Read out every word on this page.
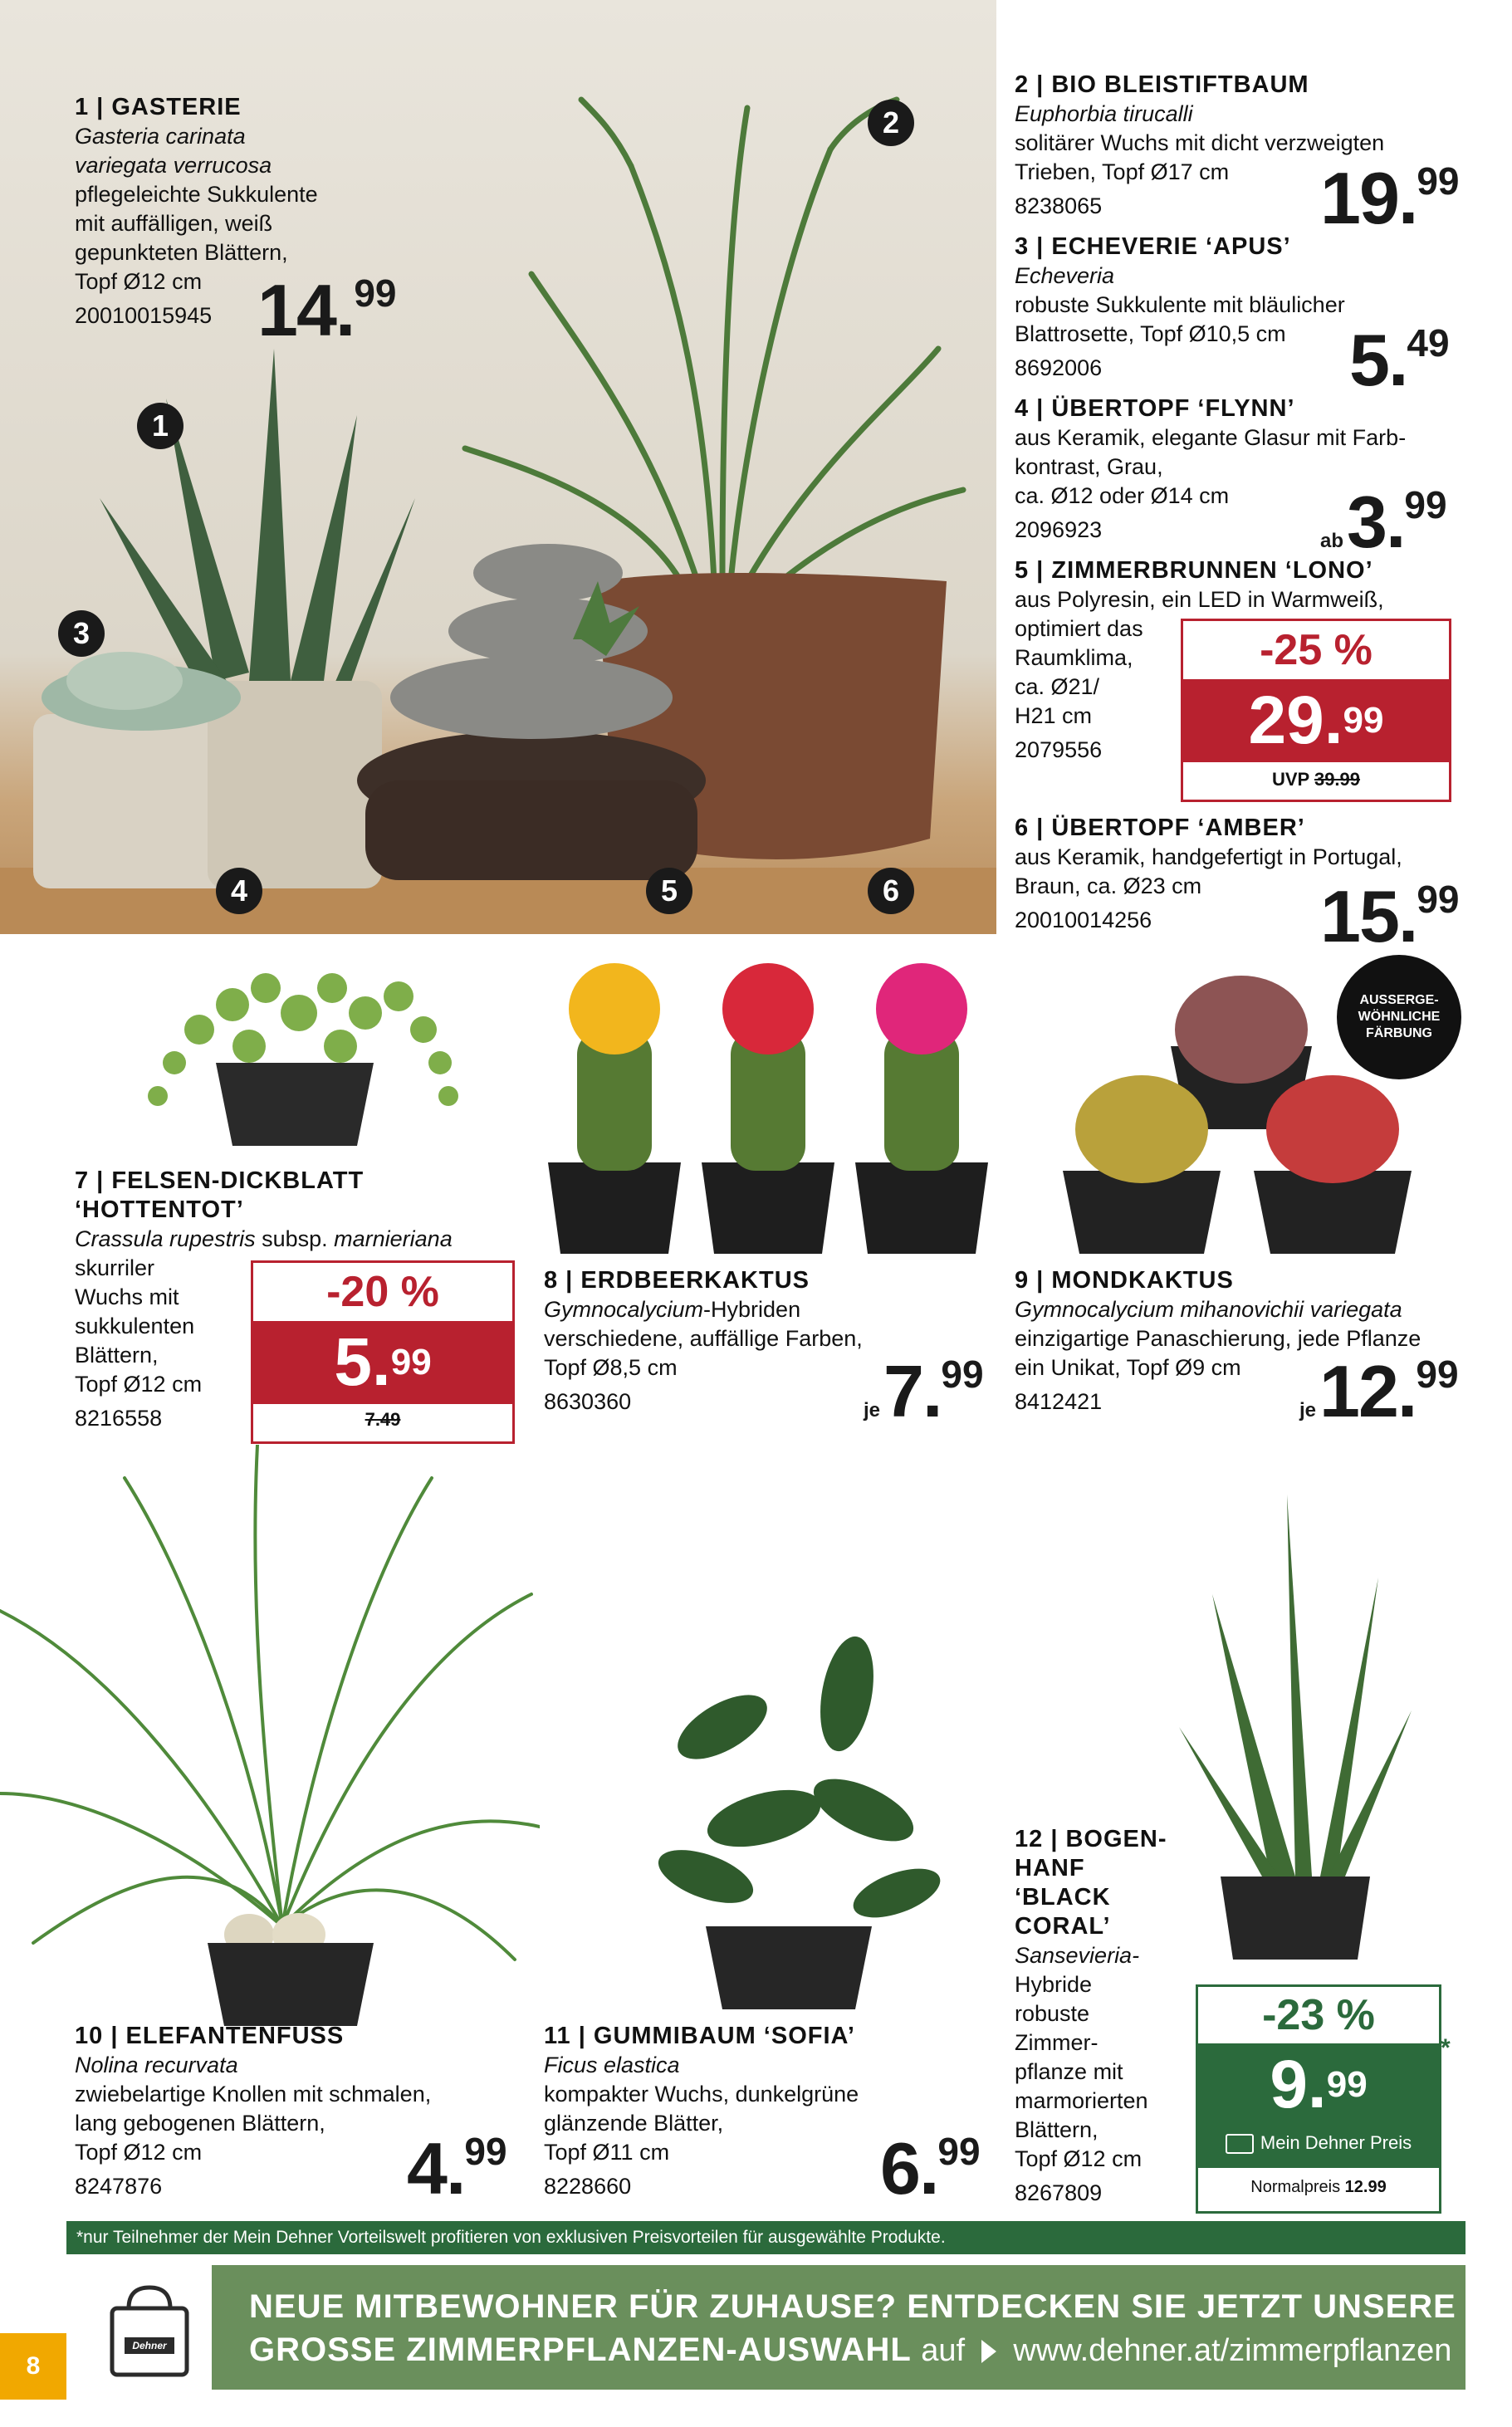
1
2
3
4	5	6
1 | GASTERIE
Gasteria carinata
variegata verrucosa
pflegeleichte Sukkulente
mit auffälligen, weiß
gepunkteten Blättern,
Topf Ø12 cm
20010015945 14.99
2 | BIO BLEISTIFTBAUM
Euphorbia tirucalli
solitärer Wuchs mit dicht verzweigten
Trieben, Topf Ø17 cm
8238065	19.99
3 | ECHEVERIE ‘APUS’
Echeveria
robuste Sukkulente mit bläulicher
Blattrosette, Topf Ø10,5 cm
8692006	5.49
4 | ÜBERTOPF ‘FLYNN’
aus Keramik, elegante Glasur mit Farb-
kontrast, Grau,
ca. Ø12 oder Ø14 cm
2096923	ab3.99
5 | ZIMMERBRUNNEN ‘LONO’
aus Polyresin, ein LED in Warmweiß,
optimiert das
Raumklima,
ca. Ø21/
H21 cm
2079556
-25 %
29.99
UVP 39.99
6 | ÜBERTOPF ‘AMBER’
aus Keramik, handgefertigt in Portugal,
Braun, ca. Ø23 cm
20010014256	15.99
AUSSERGE-
WÖHNLICHE
FÄRBUNG
7 | FELSEN-DICKBLATT
‘HOTTENTOT’
Crassula rupestris subsp. marnieriana
skurriler
Wuchs mit
sukkulenten
Blättern,
Topf Ø12 cm
8216558
-20 %
5.99
7.49
8 | ERDBEERKAKTUS
Gymnocalycium-Hybriden
verschiedene, auffällige Farben,
Topf Ø8,5 cm
8630360	je7.99
9 | MONDKAKTUS
Gymnocalycium mihanovichii variegata
einzigartige Panaschierung, jede Pflanze
ein Unikat, Topf Ø9 cm
8412421	je12.99
10 | ELEFANTENFUSS
Nolina recurvata
zwiebelartige Knollen mit schmalen,
lang gebogenen Blättern,
Topf Ø12 cm
8247876	4.99
11 | GUMMIBAUM ‘SOFIA’
Ficus elastica
kompakter Wuchs, dunkelgrüne
glänzende Blätter,
Topf Ø11 cm
8228660	6.99
12 | BOGEN-
HANF
‘BLACK
CORAL’
Sansevieria-
Hybride
robuste
Zimmer-
pflanze mit
marmorierten
Blättern,
Topf Ø12 cm
8267809
-23 %
9.99
Mein Dehner Preis
Normalpreis 12.99
*
*nur Teilnehmer der Mein Dehner Vorteilswelt profitieren von exklusiven Preisvorteilen für ausgewählte Produkte.
8
Dehner
NEUE MITBEWOHNER FÜR ZUHAUSE? ENTDECKEN SIE JETZT UNSERE
GROSSE ZIMMERPFLANZEN-AUSWAHL auf www.dehner.at/zimmerpflanzen
